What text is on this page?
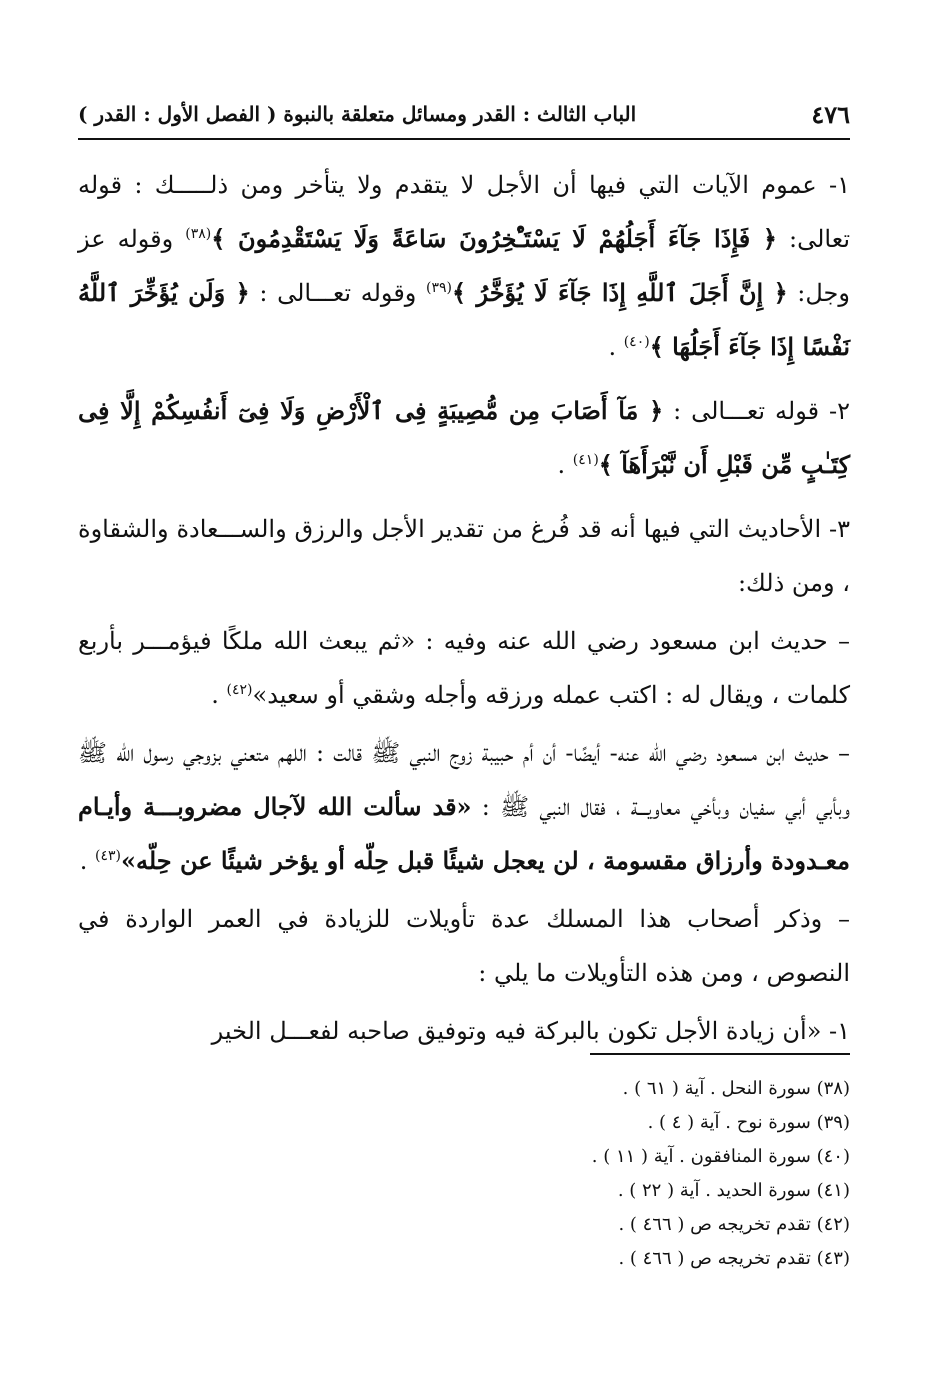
٤٧٦
الباب الثالث : القدر ومسائل متعلقة بالنبوة ( الفصل الأول : القدر )

١- عموم الآيات التي فيها أن الأجل لا يتقدم ولا يتأخر ومن ذلـــــك : قوله تعالى: ﴿ فَإِذَا جَآءَ أَجَلُهُمْ لَا يَسْتَـْٔخِرُونَ سَاعَةً وَلَا يَسْتَقْدِمُونَ ﴾$^{(٣٨)}$ وقوله عز وجل: ﴿ إِنَّ أَجَلَ ٱللَّهِ إِذَا جَآءَ لَا يُؤَخَّرُ ﴾$^{(٣٩)}$ وقوله تعـــالى : ﴿ وَلَن يُؤَخِّرَ ٱللَّهُ نَفْسًا إِذَا جَآءَ أَجَلُهَا ﴾$^{(٤٠)}$ .

٢- قوله تعـــالى : ﴿ مَآ أَصَابَ مِن مُّصِيبَةٍ فِى ٱلْأَرْضِ وَلَا فِىٓ أَنفُسِكُمْ إِلَّا فِى كِتَـٰبٍ مِّن قَبْلِ أَن نَّبْرَأَهَآ ﴾$^{(٤١)}$ .

٣- الأحاديث التي فيها أنه قد فُرغ من تقدير الأجل والرزق والســـعادة والشقاوة ، ومن ذلك:

– حديث ابن مسعود رضي الله عنه وفيه : «ثم يبعث الله ملكًا فيؤمـــر بأربع كلمات ، ويقال له : اكتب عمله ورزقه وأجله وشقي أو سعيد»$^{(٤٢)}$ .

– حديث ابن مسعود رضي الله عنه- أيضًا- أن أم حبيبة زوج النبي ﷺ قالت : اللهم متعني بزوجي رسول الله ﷺ وبأبي أبي سفيان وبأخي معاويـــة ، فقال النبي ﷺ : «قد سألت الله لآجال مضروبـــة وأيـام معـدودة وأرزاق مقسومة ، لن يعجل شيئًا قبل حِلّه أو يؤخر شيئًا عن حِلّه»$^{(٤٣)}$ .

– وذكر أصحاب هذا المسلك عدة تأويلات للزيادة في العمر الواردة في النصوص ، ومن هذه التأويلات ما يلي :

١- «أن زيادة الأجل تكون بالبركة فيه وتوفيق صاحبه لفعـــل الخير

(٣٨) سورة النحل . آية ( ٦١ ) .

(٣٩) سورة نوح . آية ( ٤ ) .

(٤٠) سورة المنافقون . آية ( ١١ ) .

(٤١) سورة الحديد . آية ( ٢٢ ) .

(٤٢) تقدم تخريجه ص ( ٤٦٦ ) .

(٤٣) تقدم تخريجه ص ( ٤٦٦ ) .
